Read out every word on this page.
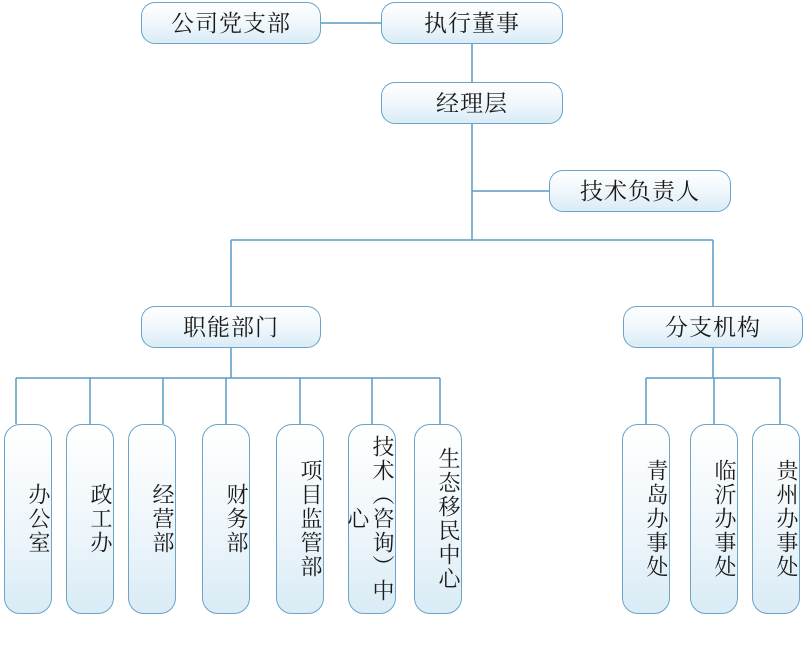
公司党支部	执行董事
经理层
技术负责人
职能部门	分支机构
办公室 政工办 经营部 财务部 项目监管部	技术（咨询）中心	生态移民中心	青岛办事处 临沂办事处 贵州办事处
